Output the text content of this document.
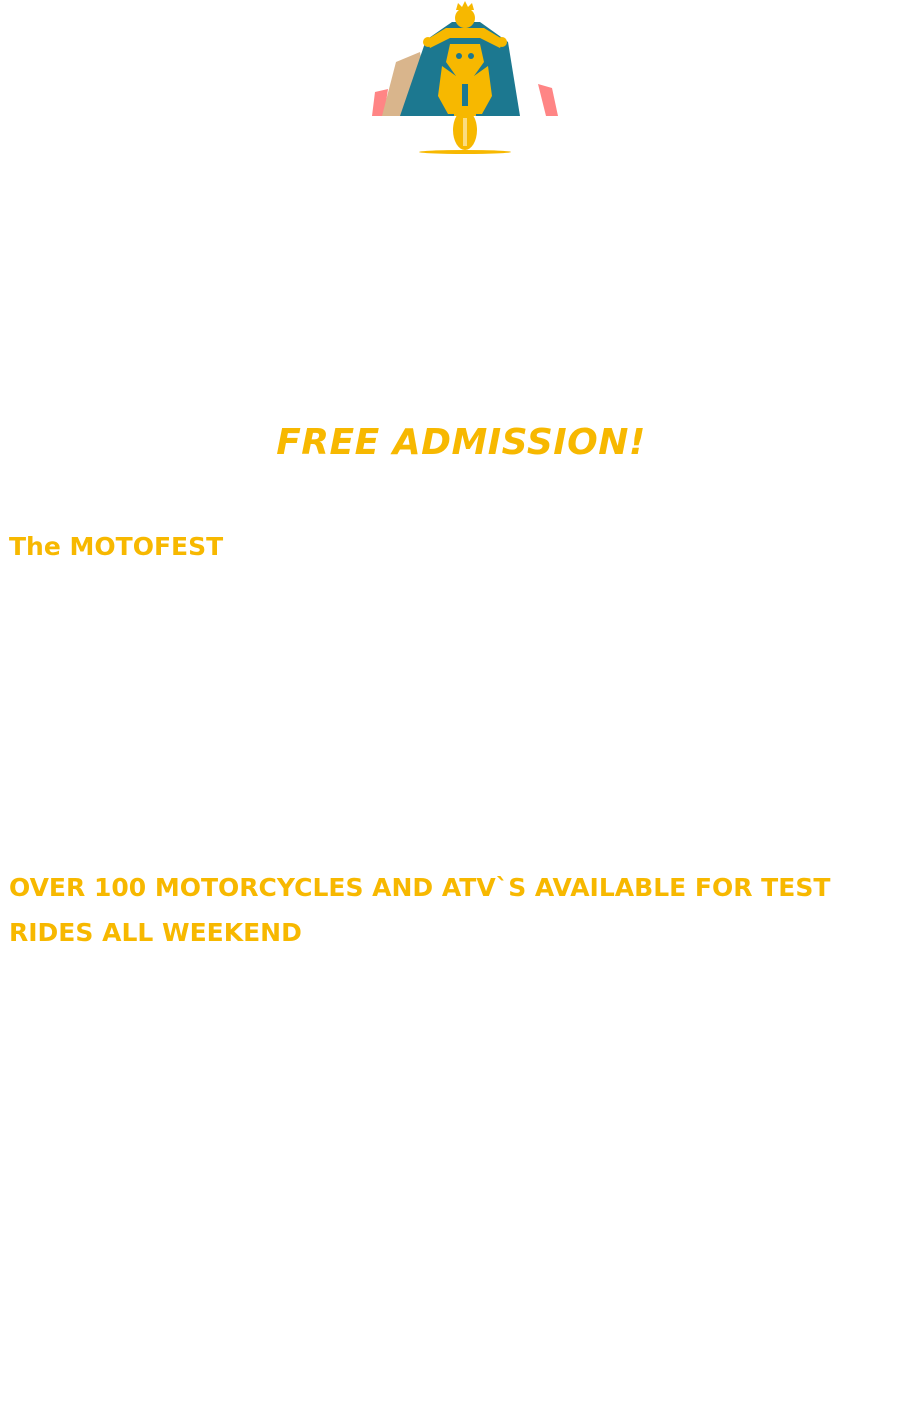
FREE ADMISSION!
The MOTOFEST
OVER 100 MOTORCYCLES AND ATV`S AVAILABLE FOR TEST RIDES ALL WEEKEND
